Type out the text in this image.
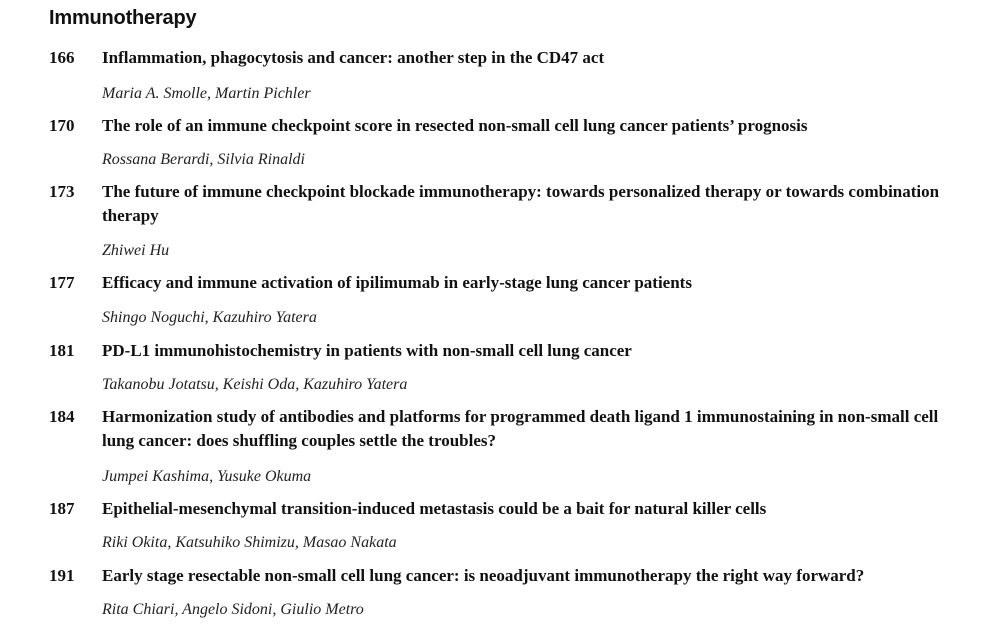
Immunotherapy
166 Inflammation, phagocytosis and cancer: another step in the CD47 act
Maria A. Smolle, Martin Pichler
170 The role of an immune checkpoint score in resected non-small cell lung cancer patients’ prognosis
Rossana Berardi, Silvia Rinaldi
173 The future of immune checkpoint blockade immunotherapy: towards personalized therapy or towards combination therapy
Zhiwei Hu
177 Efficacy and immune activation of ipilimumab in early-stage lung cancer patients
Shingo Noguchi, Kazuhiro Yatera
181 PD-L1 immunohistochemistry in patients with non-small cell lung cancer
Takanobu Jotatsu, Keishi Oda, Kazuhiro Yatera
184 Harmonization study of antibodies and platforms for programmed death ligand 1 immunostaining in non-small cell lung cancer: does shuffling couples settle the troubles?
Jumpei Kashima, Yusuke Okuma
187 Epithelial-mesenchymal transition-induced metastasis could be a bait for natural killer cells
Riki Okita, Katsuhiko Shimizu, Masao Nakata
191 Early stage resectable non-small cell lung cancer: is neoadjuvant immunotherapy the right way forward?
Rita Chiari, Angelo Sidoni, Giulio Metro
